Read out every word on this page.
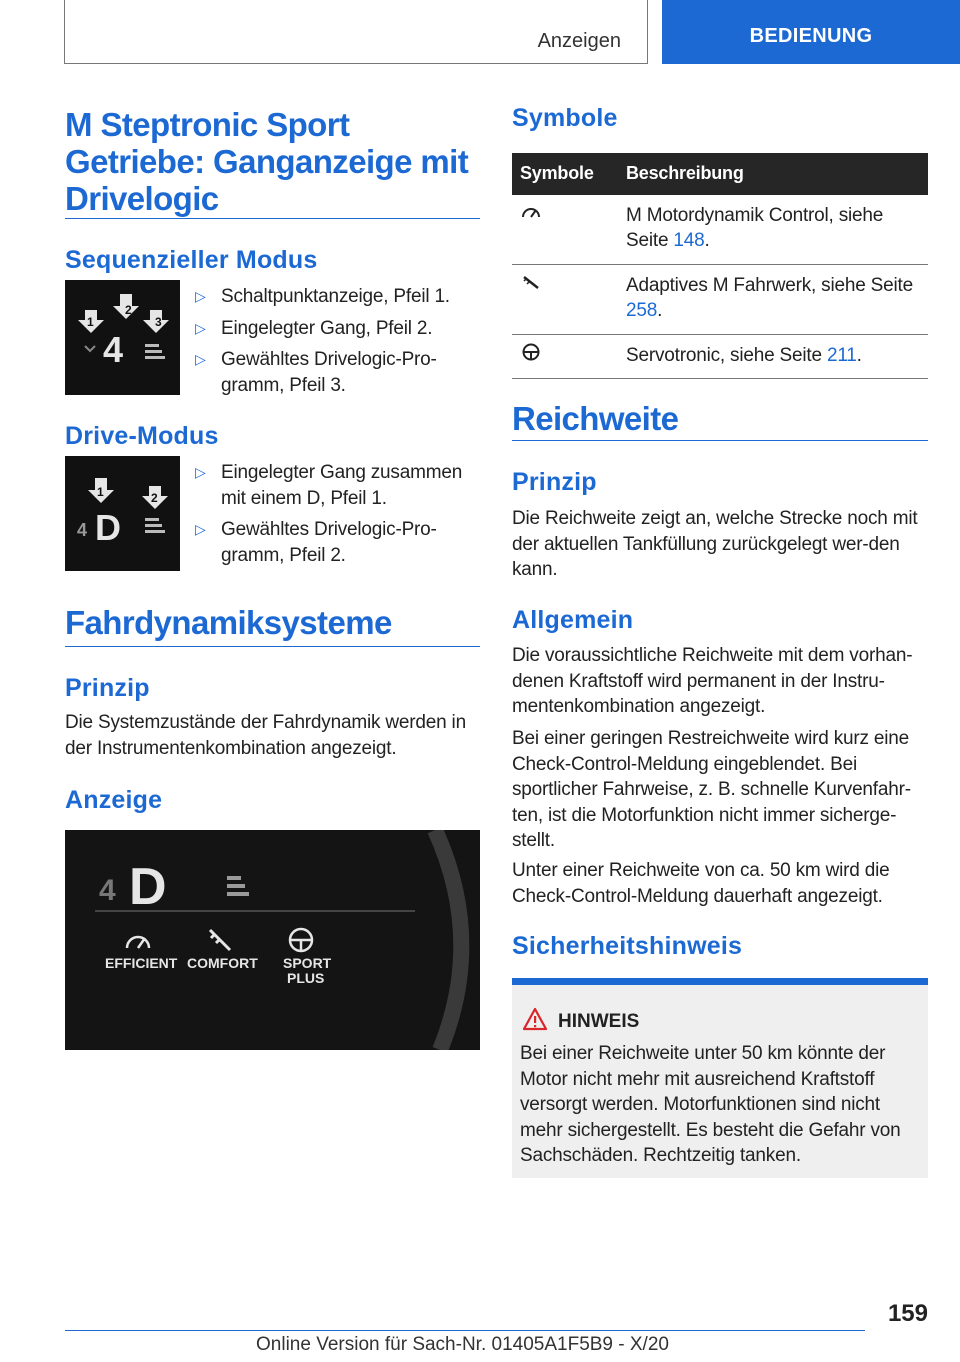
Anzeigen	BEDIENUNG
M Steptronic Sport Getriebe: Ganganzeige mit Drivelogic
Sequenzieller Modus
1
2
3
4
▷ Schaltpunktanzeige, Pfeil 1.
▷ Eingelegter Gang, Pfeil 2.
▷ Gewähltes Drivelogic-Pro-gramm, Pfeil 3.
Drive-Modus
1	2
4 D
▷ Eingelegter Gang zusammen mit einem D, Pfeil 1.
▷ Gewähltes Drivelogic-Pro-gramm, Pfeil 2.
Fahrdynamiksysteme
Prinzip

Die Systemzustände der Fahrdynamik werden in der Instrumentenkombination angezeigt.

Anzeige
4 D
EFFICIENT COMFORT SPORT
PLUS
Symbole
Symbole	Beschreibung
	M Motordynamik Control, siehe Seite 148.
	Adaptives M Fahrwerk, siehe Seite 258.
	Servotronic, siehe Seite 211.
Reichweite
Prinzip

Die Reichweite zeigt an, welche Strecke noch mit der aktuellen Tankfüllung zurückgelegt wer-den kann.

Allgemein

Die voraussichtliche Reichweite mit dem vorhan-denen Kraftstoff wird permanent in der Instru-mentenkombination angezeigt.

Bei einer geringen Restreichweite wird kurz eine Check-Control-Meldung eingeblendet. Bei sportlicher Fahrweise, z. B. schnelle Kurvenfahr-ten, ist die Motorfunktion nicht immer sicherge-stellt.

Unter einer Reichweite von ca. 50 km wird die Check-Control-Meldung dauerhaft angezeigt.

Sicherheitshinweis
HINWEIS

Bei einer Reichweite unter 50 km könnte der Motor nicht mehr mit ausreichend Kraftstoff versorgt werden. Motorfunktionen sind nicht mehr sichergestellt. Es besteht die Gefahr von Sachschäden. Rechtzeitig tanken.

159
Online Version für Sach-Nr. 01405A1F5B9 - X/20
